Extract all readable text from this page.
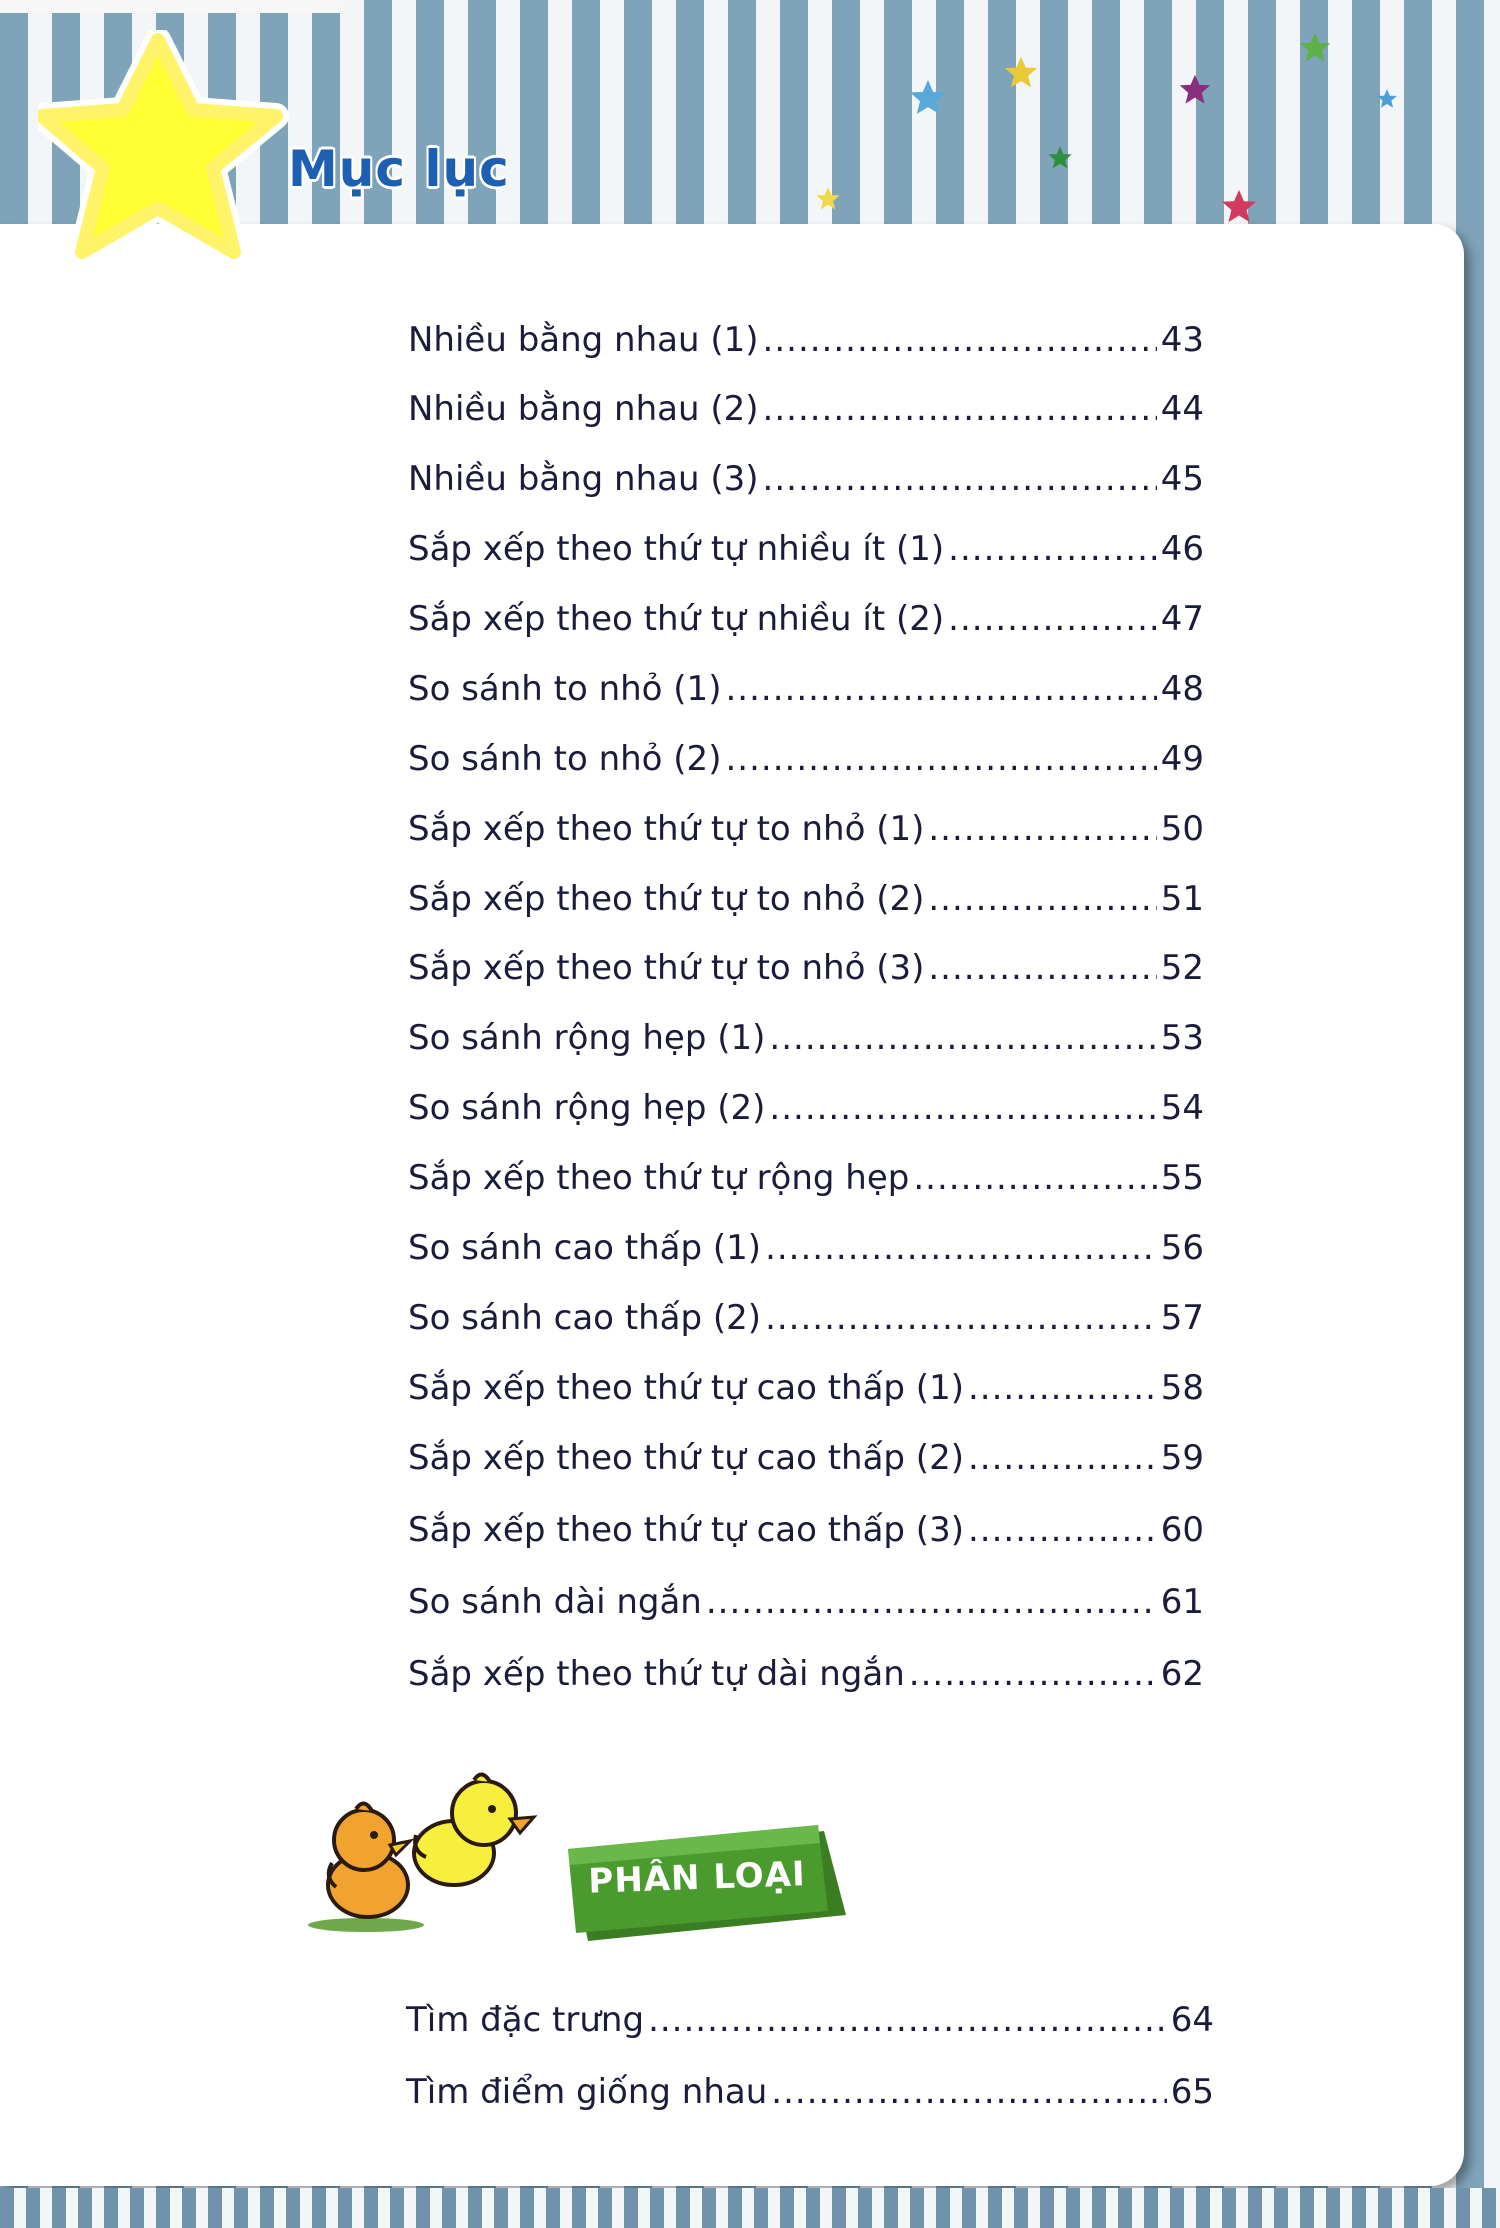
Mục lục
Nhiều bằng nhau (1) .....	43
Nhiều bằng nhau (2) .....	44
Nhiều bằng nhau (3) .....	45
Sắp xếp theo thứ tự nhiều ít (1) .....	46
Sắp xếp theo thứ tự nhiều ít (2) .....	47
So sánh to nhỏ (1) .....	48
So sánh to nhỏ (2) .....	49
Sắp xếp theo thứ tự to nhỏ (1) .....	50
Sắp xếp theo thứ tự to nhỏ (2) .....	51
Sắp xếp theo thứ tự to nhỏ (3) .....	52
So sánh rộng hẹp (1) .....	53
So sánh rộng hẹp (2) .....	54
Sắp xếp theo thứ tự rộng hẹp .....	55
So sánh cao thấp (1) .....	56
So sánh cao thấp (2) .....	57
Sắp xếp theo thứ tự cao thấp (1) .....	58
Sắp xếp theo thứ tự cao thấp (2) .....	59
Sắp xếp theo thứ tự cao thấp (3) .....	60
So sánh dài ngắn .....	61
Sắp xếp theo thứ tự dài ngắn .....	62
PHÂN LOẠI
Tìm đặc trưng .....	64
Tìm điểm giống nhau .....	65
